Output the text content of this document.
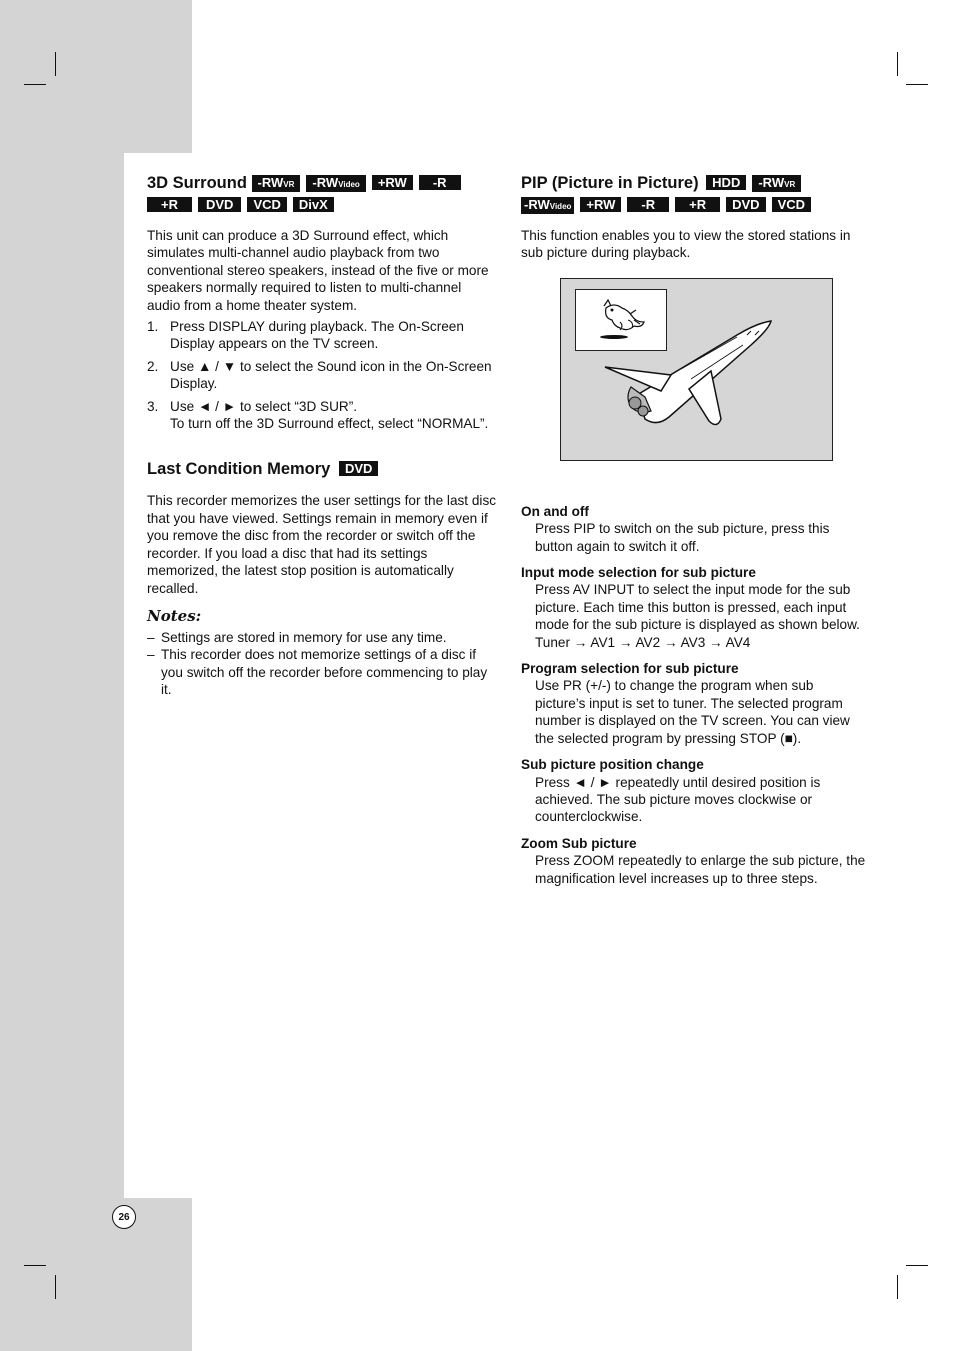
3D Surround -RWVR -RWVideo +RW -R
+R DVD VCD DivX

This unit can produce a 3D Surround effect, which simulates multi-channel audio playback from two conventional stereo speakers, instead of the five or more speakers normally required to listen to multi-channel audio from a home theater system.

1. Press DISPLAY during playback. The On-Screen Display appears on the TV screen.
2. Use ▲ / ▼ to select the Sound icon in the On-Screen Display.
3. Use ◄ / ► to select “3D SUR”.
To turn off the 3D Surround effect, select “NORMAL”.
Last Condition Memory DVD

This recorder memorizes the user settings for the last disc that you have viewed. Settings remain in memory even if you remove the disc from the recorder or switch off the recorder. If you load a disc that had its settings memorized, the latest stop position is automatically recalled.

Notes:
– Settings are stored in memory for use any time.
– This recorder does not memorize settings of a disc if you switch off the recorder before commencing to play it.
PIP (Picture in Picture) HDD -RWVR
-RWVideo +RW -R	+R DVD VCD

This function enables you to view the stored stations in sub picture during playback.

On and off
Press PIP to switch on the sub picture, press this button again to switch it off.
Input mode selection for sub picture
Press AV INPUT to select the input mode for the sub picture. Each time this button is pressed, each input mode for the sub picture is displayed as shown below.
Tuner → AV1 → AV2 → AV3 → AV4
Program selection for sub picture
Use PR (+/-) to change the program when sub picture’s input is set to tuner. The selected program number is displayed on the TV screen. You can view the selected program by pressing STOP (■).
Sub picture position change
Press ◄ / ► repeatedly until desired position is achieved. The sub picture moves clockwise or counterclockwise.
Zoom Sub picture
Press ZOOM repeatedly to enlarge the sub picture, the magnification level increases up to three steps.
26
